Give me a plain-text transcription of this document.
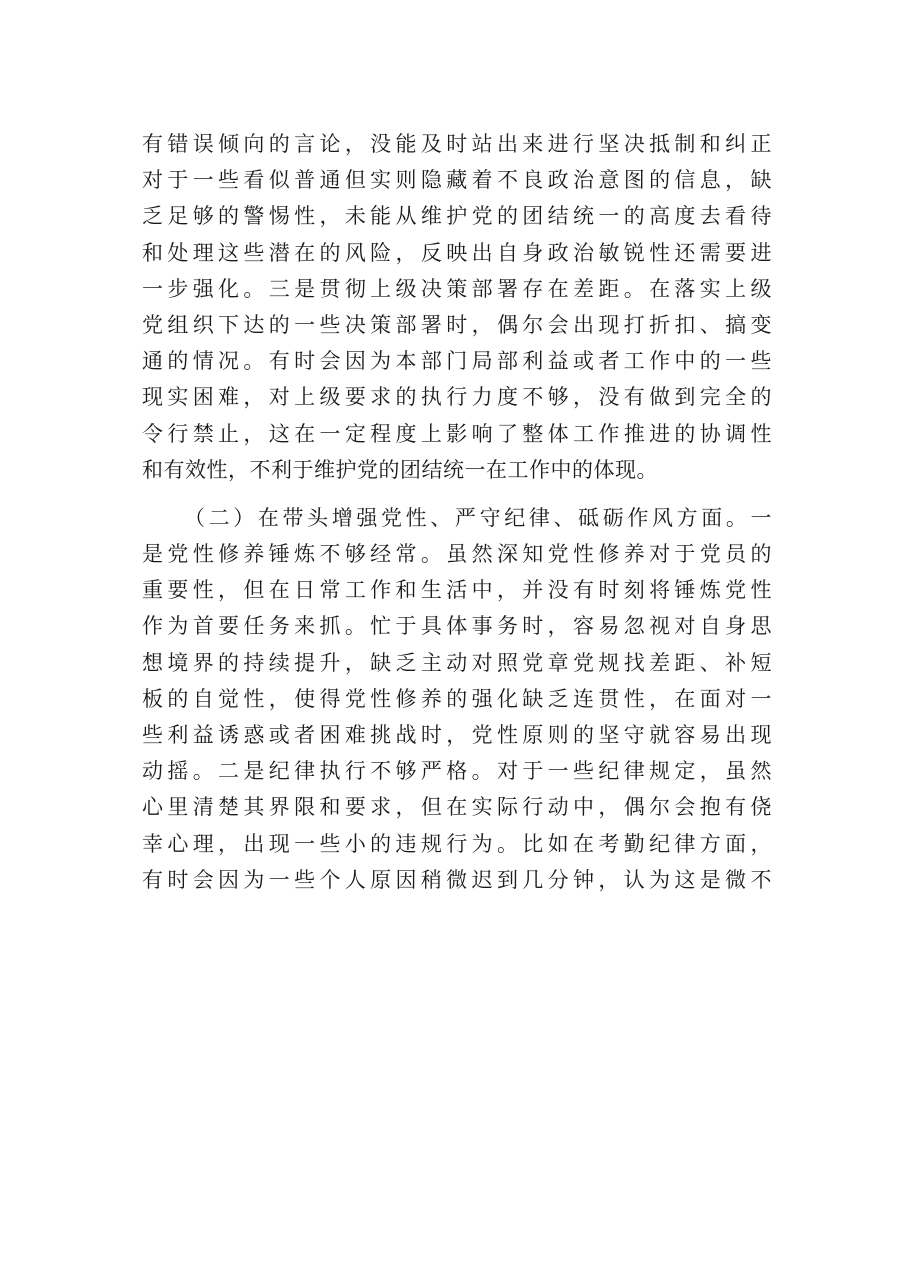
有错误倾向的言论，没能及时站出来进行坚决抵制和纠正
对于一些看似普通但实则隐藏着不良政治意图的信息，缺
乏足够的警惕性，未能从维护党的团结统一的高度去看待
和处理这些潜在的风险，反映出自身政治敏锐性还需要进
一步强化。三是贯彻上级决策部署存在差距。在落实上级
党组织下达的一些决策部署时，偶尔会出现打折扣、搞变
通的情况。有时会因为本部门局部利益或者工作中的一些
现实困难，对上级要求的执行力度不够，没有做到完全的
令行禁止，这在一定程度上影响了整体工作推进的协调性
和有效性，不利于维护党的团结统一在工作中的体现。
（二）在带头增强党性、严守纪律、砥砺作风方面。一
是党性修养锤炼不够经常。虽然深知党性修养对于党员的
重要性，但在日常工作和生活中，并没有时刻将锤炼党性
作为首要任务来抓。忙于具体事务时，容易忽视对自身思
想境界的持续提升，缺乏主动对照党章党规找差距、补短
板的自觉性，使得党性修养的强化缺乏连贯性，在面对一
些利益诱惑或者困难挑战时，党性原则的坚守就容易出现
动摇。二是纪律执行不够严格。对于一些纪律规定，虽然
心里清楚其界限和要求，但在实际行动中，偶尔会抱有侥
幸心理，出现一些小的违规行为。比如在考勤纪律方面，
有时会因为一些个人原因稍微迟到几分钟，认为这是微不
